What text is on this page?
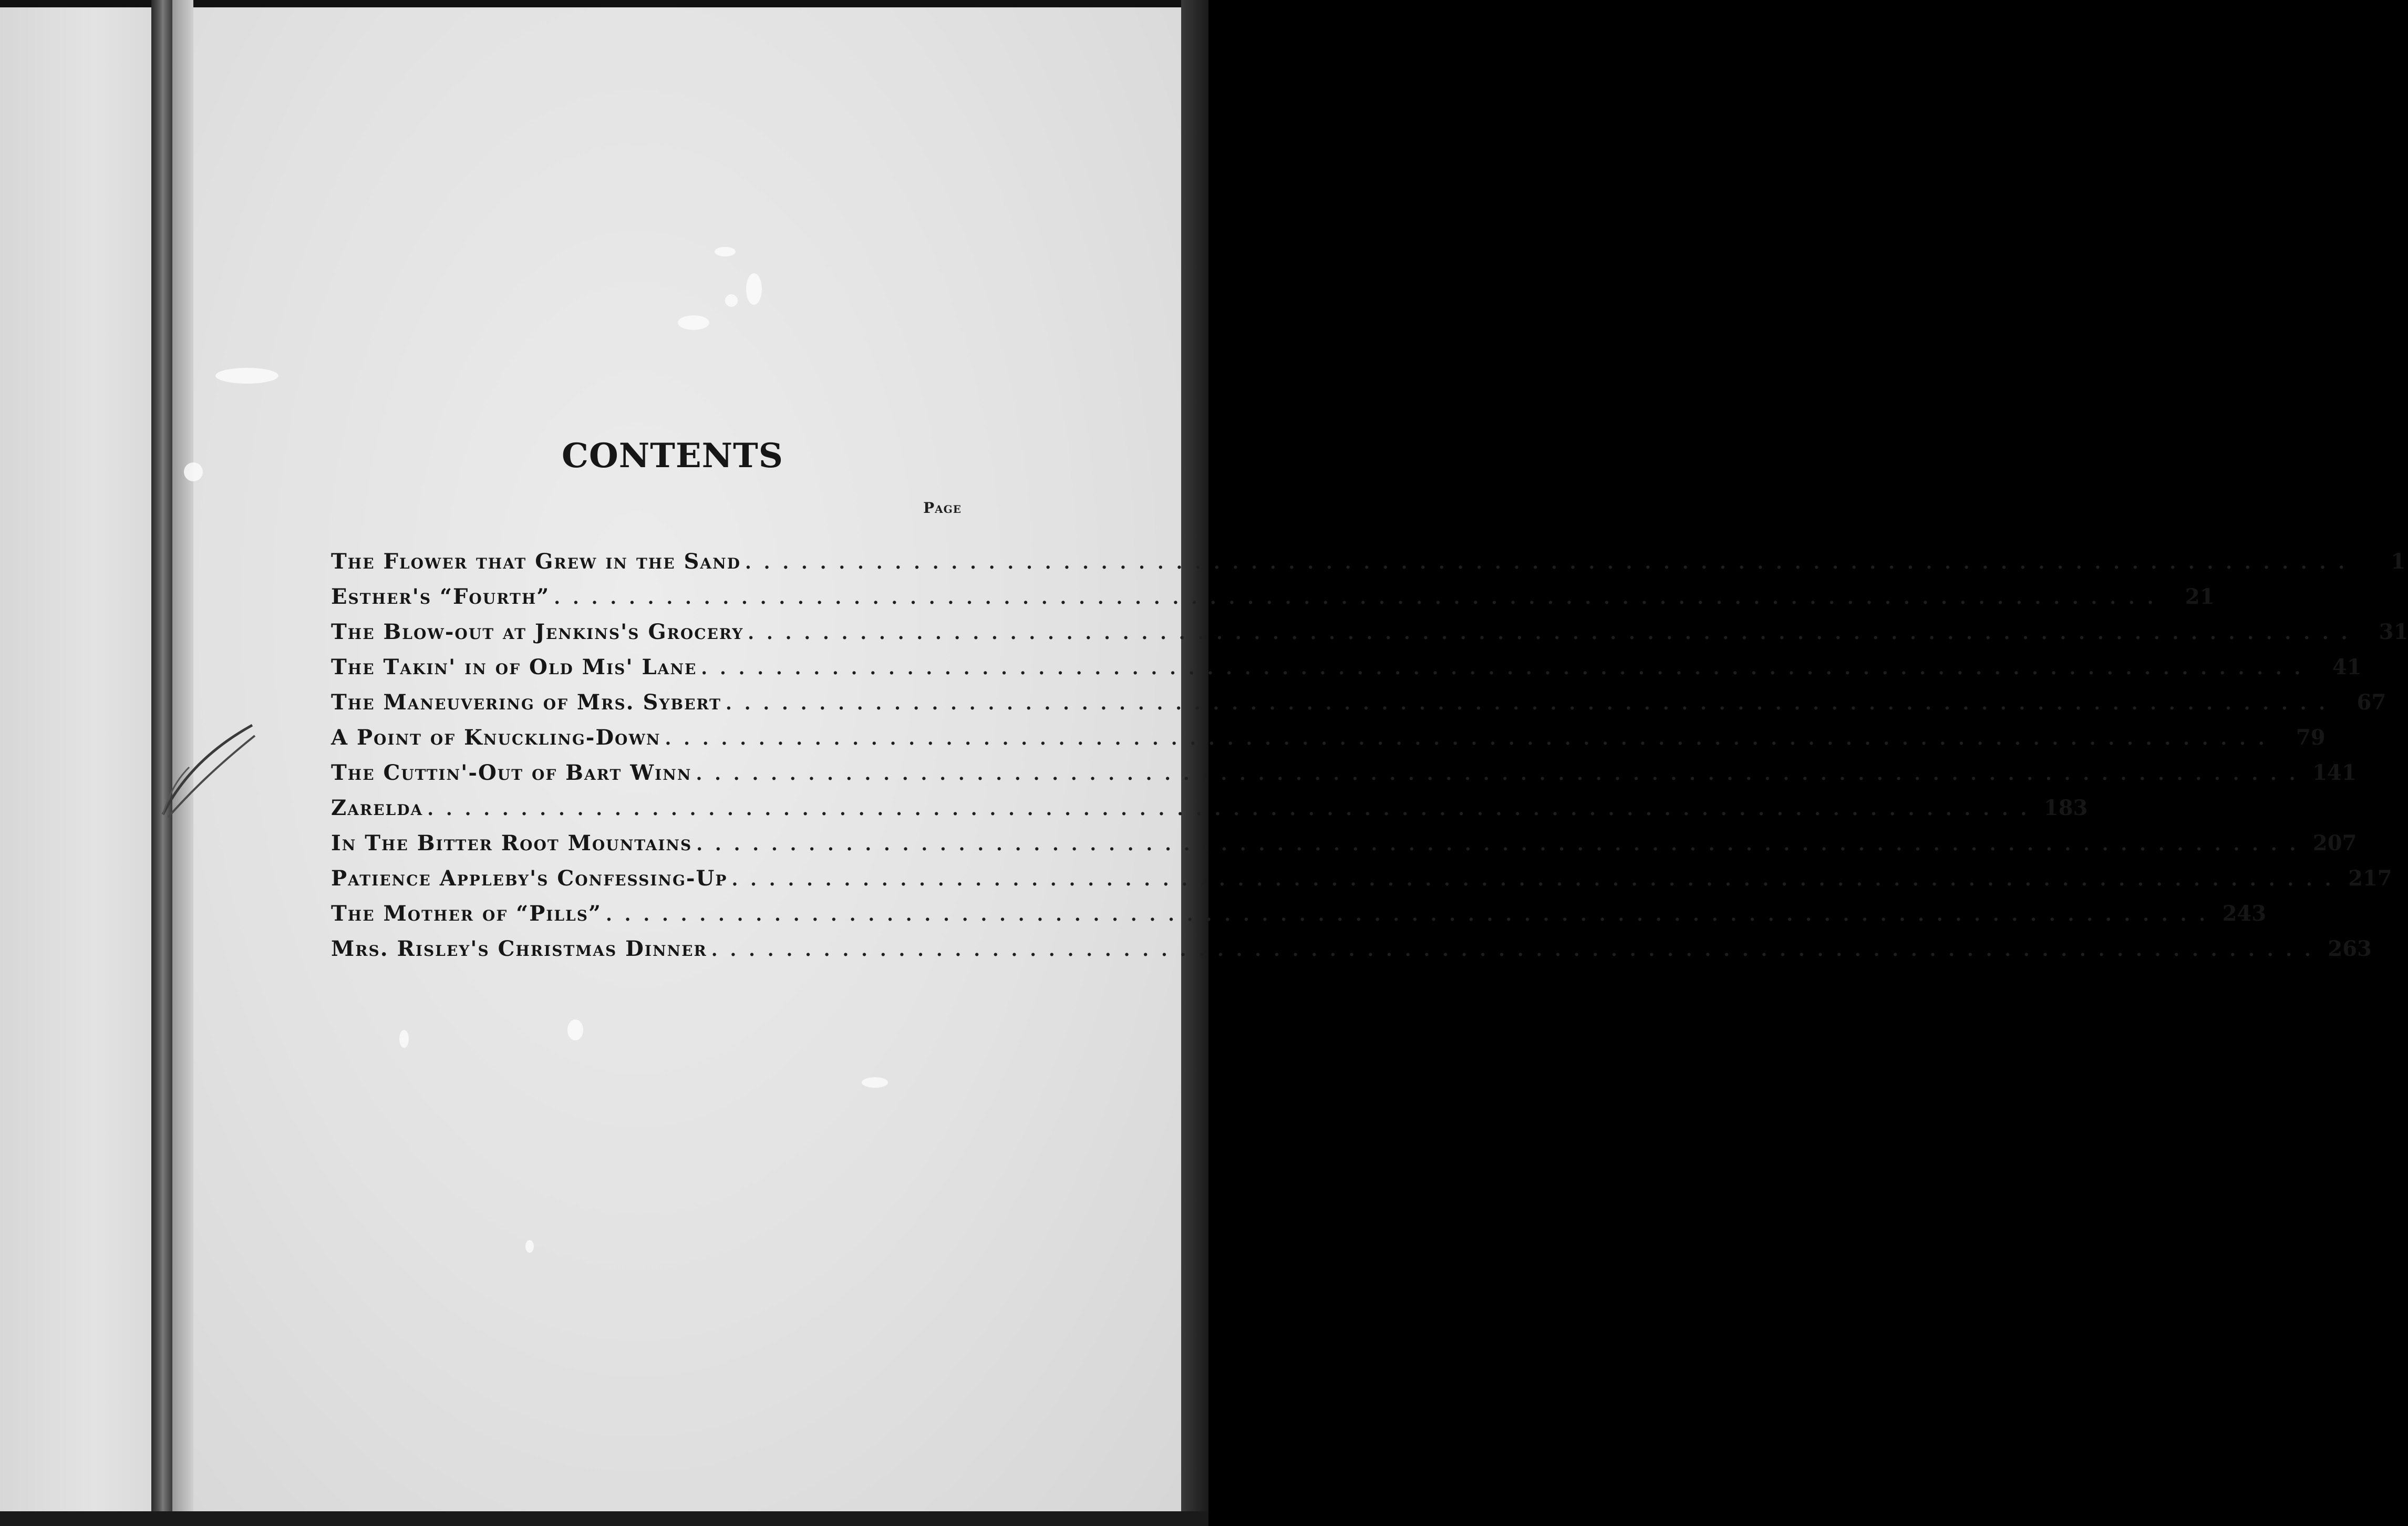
CONTENTS
Page
The Flower that Grew in the Sand . . .	1
Esther's “Fourth” . . .	21
The Blow-out at Jenkins's Grocery . . .	31
The Takin' in of Old Mis' Lane . . .	41
The Maneuvering of Mrs. Sybert . . .	67
A Point of Knuckling-Down . . .	79
The Cuttin'-Out of Bart Winn . . .	141
Zarelda . . .	183
In The Bitter Root Mountains . . .	207
Patience Appleby's Confessing-Up . . .	217
The Mother of “Pills” . . .	243
Mrs. Risley's Christmas Dinner . . .	263
